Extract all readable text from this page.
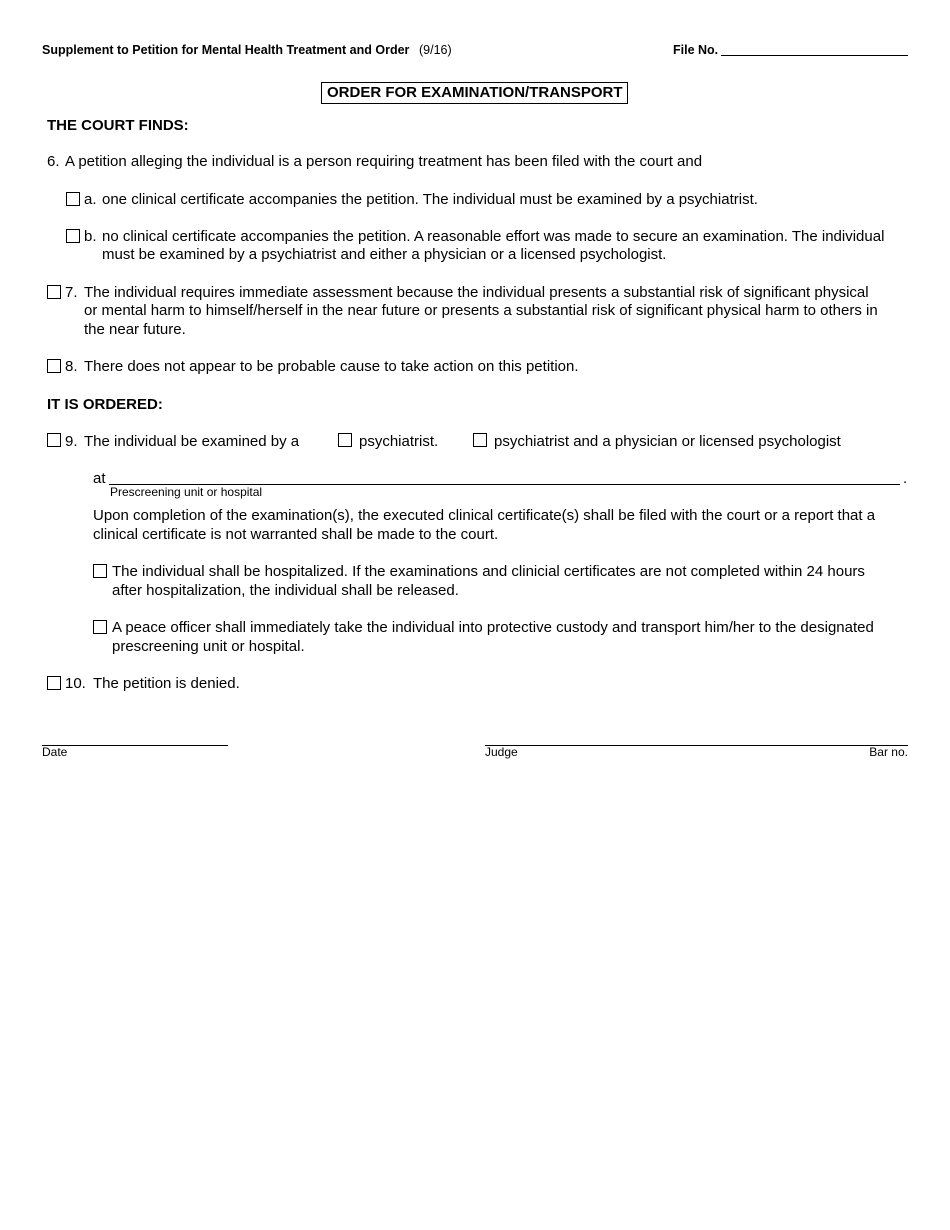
Supplement to Petition for Mental Health Treatment and Order (9/16)	File No.
ORDER FOR EXAMINATION/TRANSPORT
THE COURT FINDS:
6. A petition alleging the individual is a person requiring treatment has been filed with the court and
a. one clinical certificate accompanies the petition. The individual must be examined by a psychiatrist.
b. no clinical certificate accompanies the petition. A reasonable effort was made to secure an examination. The individual
must be examined by a psychiatrist and either a physician or a licensed psychologist.
7. The individual requires immediate assessment because the individual presents a substantial risk of significant physical
or mental harm to himself/herself in the near future or presents a substantial risk of significant physical harm to others in
the near future.
8. There does not appear to be probable cause to take action on this petition.
IT IS ORDERED:
9. The individual be examined by a	psychiatrist.	psychiatrist and a physician or licensed psychologist
at	.
Prescreening unit or hospital
Upon completion of the examination(s), the executed clinical certificate(s) shall be filed with the court or a report that a
clinical certificate is not warranted shall be made to the court.
The individual shall be hospitalized. If the examinations and clinicial certificates are not completed within 24 hours
after hospitalization, the individual shall be released.
A peace officer shall immediately take the individual into protective custody and transport him/her to the designated
prescreening unit or hospital.
10. The petition is denied.
Date	Judge	Bar no.
